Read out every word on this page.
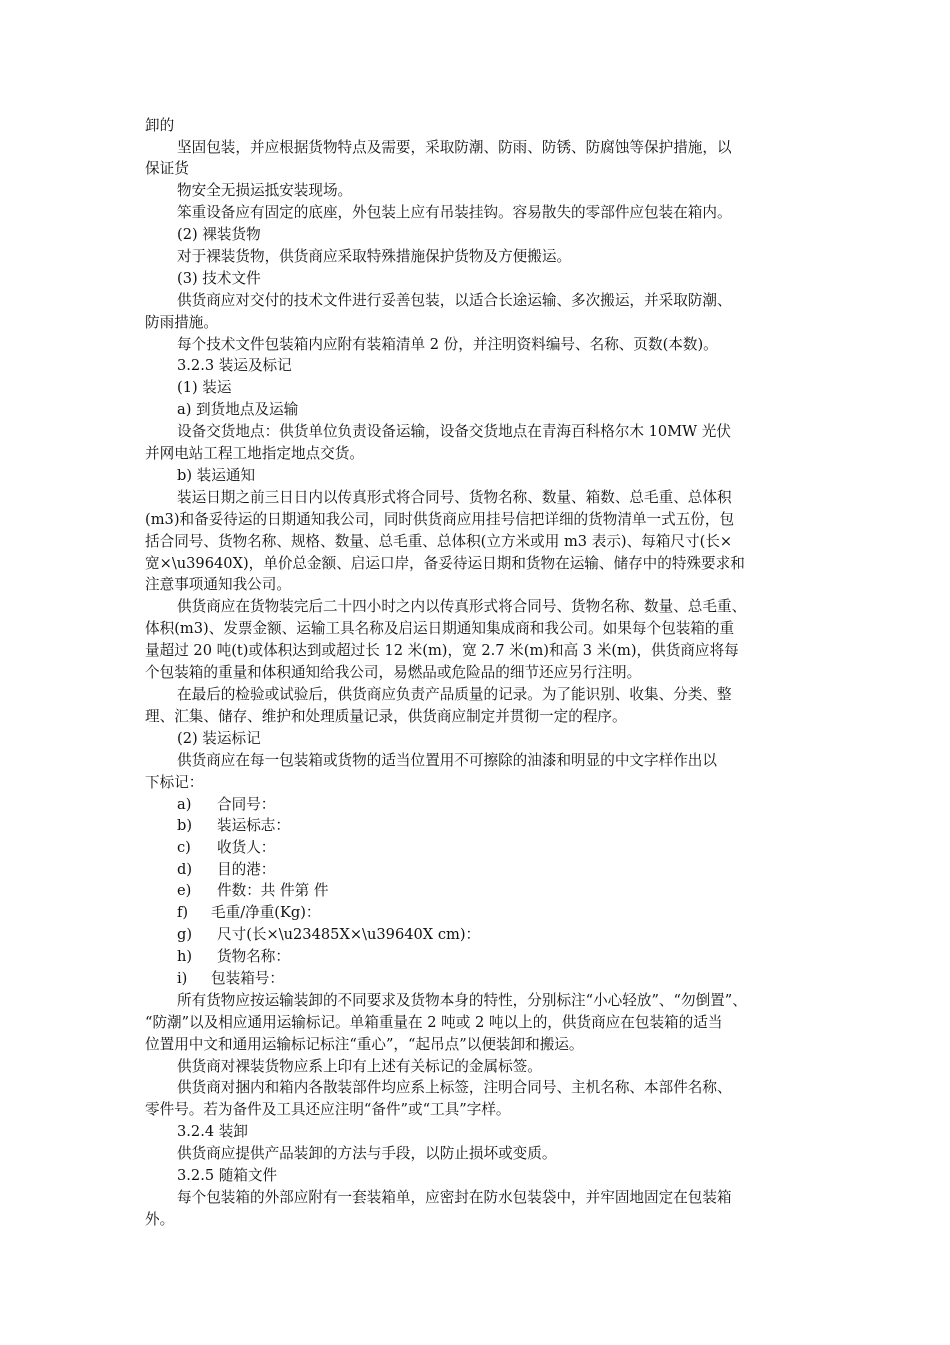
卸的
坚固包装，并应根据货物特点及需要，采取防潮、防雨、防锈、防腐蚀等保护措施，以
保证货
物安全无损运抵安装现场。
笨重设备应有固定的底座，外包装上应有吊装挂钩。容易散失的零部件应包装在箱内。
(2) 裸装货物
对于裸装货物，供货商应采取特殊措施保护货物及方便搬运。
(3) 技术文件
供货商应对交付的技术文件进行妥善包装，以适合长途运输、多次搬运，并采取防潮、
防雨措施。
每个技术文件包装箱内应附有装箱清单 2 份，并注明资料编号、名称、页数(本数)。
3.2.3 装运及标记
(1) 装运
a) 到货地点及运输
设备交货地点：供货单位负责设备运输，设备交货地点在青海百科格尔木 10MW 光伏
并网电站工程工地指定地点交货。
b) 装运通知
装运日期之前三日日内以传真形式将合同号、货物名称、数量、箱数、总毛重、总体积
(m3)和备妥待运的日期通知我公司，同时供货商应用挂号信把详细的货物清单一式五份，包
括合同号、货物名称、规格、数量、总毛重、总体积(立方米或用 m3 表示)、每箱尺寸(长×
宽×\u39640X)，单价总金额、启运口岸，备妥待运日期和货物在运输、储存中的特殊要求和
注意事项通知我公司。
供货商应在货物装完后二十四小时之内以传真形式将合同号、货物名称、数量、总毛重、
体积(m3)、发票金额、运输工具名称及启运日期通知集成商和我公司。如果每个包装箱的重
量超过 20 吨(t)或体积达到或超过长 12 米(m)，宽 2.7 米(m)和高 3 米(m)，供货商应将每
个包装箱的重量和体积通知给我公司，易燃品或危险品的细节还应另行注明。
在最后的检验或试验后，供货商应负责产品质量的记录。为了能识别、收集、分类、整
理、汇集、储存、维护和处理质量记录，供货商应制定并贯彻一定的程序。
(2) 装运标记
供货商应在每一包装箱或货物的适当位置用不可擦除的油漆和明显的中文字样作出以
下标记：
a) 合同号：
b) 装运标志：
c) 收货人：
d) 目的港：
e) 件数：共 件第 件
f) 毛重/净重(Kg)：
g) 尺寸(长×\u23485X×\u39640X cm)：
h) 货物名称：
i) 包装箱号：
所有货物应按运输装卸的不同要求及货物本身的特性，分别标注“小心轻放”、“勿倒置”、
“防潮”以及相应通用运输标记。单箱重量在 2 吨或 2 吨以上的，供货商应在包装箱的适当
位置用中文和通用运输标记标注“重心”，“起吊点”以便装卸和搬运。
供货商对裸装货物应系上印有上述有关标记的金属标签。
供货商对捆内和箱内各散装部件均应系上标签，注明合同号、主机名称、本部件名称、
零件号。若为备件及工具还应注明“备件”或“工具”字样。
3.2.4 装卸
供货商应提供产品装卸的方法与手段，以防止损坏或变质。
3.2.5 随箱文件
每个包装箱的外部应附有一套装箱单，应密封在防水包装袋中，并牢固地固定在包装箱
外。
